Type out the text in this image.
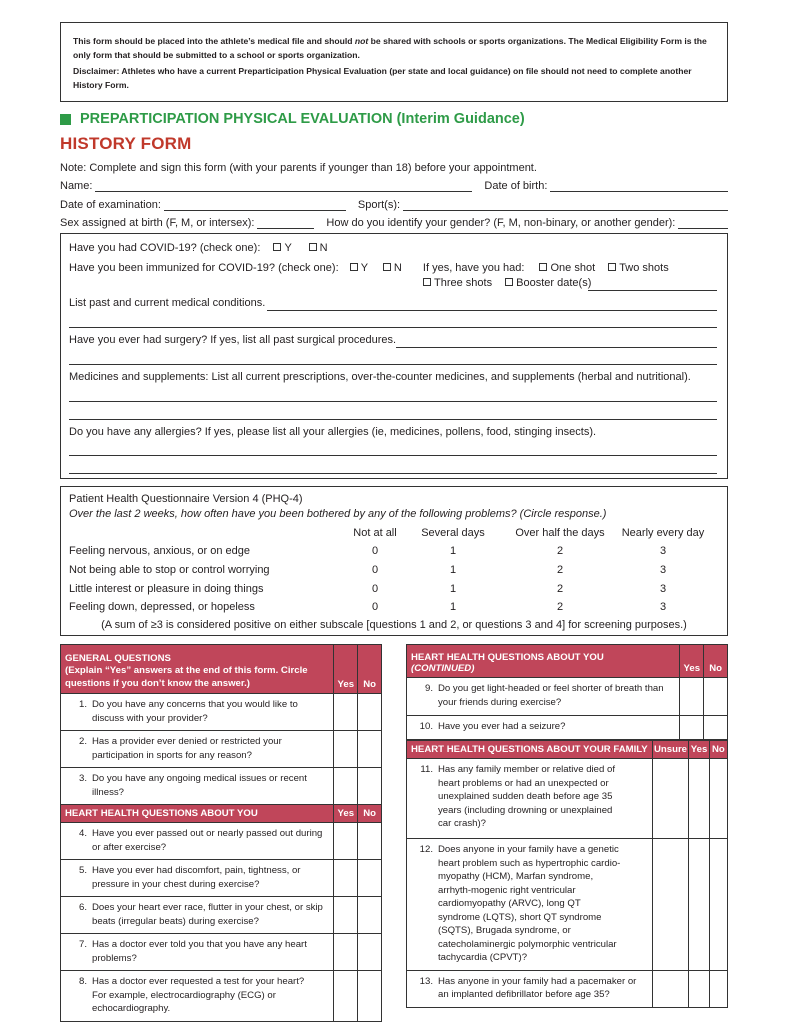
This form should be placed into the athlete’s medical file and should not be shared with schools or sports organizations. The Medical Eligibility Form is the only form that should be submitted to a school or sports organization.

Disclaimer: Athletes who have a current Preparticipation Physical Evaluation (per state and local guidance) on file should not need to complete another History Form.

PREPARTICIPATION PHYSICAL EVALUATION (Interim Guidance)
HISTORY FORM
Note: Complete and sign this form (with your parents if younger than 18) before your appointment.
Name:	Date of birth:
Date of examination:	Sport(s):
Sex assigned at birth (F, M, or intersex):	How do you identify your gender? (F, M, non-binary, or another gender):
Have you had COVID-19? (check one): Y	N
Have you been immunized for COVID-19? (check one): Y N If yes, have you had: One shot Two shots
Three shots Booster date(s)
List past and current medical conditions.
Have you ever had surgery? If yes, list all past surgical procedures.
Medicines and supplements: List all current prescriptions, over-the-counter medicines, and supplements (herbal and nutritional).
Do you have any allergies? If yes, please list all your allergies (ie, medicines, pollens, food, stinging insects).
Patient Health Questionnaire Version 4 (PHQ-4)
Over the last 2 weeks, how often have you been bothered by any of the following problems? (Circle response.)
Not at all Several days	Over half the days Nearly every day
Feeling nervous, anxious, or on edge	0	1	2	3
Not being able to stop or control worrying	0	1	2	3
Little interest or pleasure in doing things	0	1	2	3
Feeling down, depressed, or hopeless	0	1	2	3
(A sum of ≥3 is considered positive on either subscale [questions 1 and 2, or questions 3 and 4] for screening purposes.)
GENERAL QUESTIONS
(Explain “Yes” answers at the end of this form. Circle questions if you don’t know the answer.)	Yes	No
1. Do you have any concerns that you would like to discuss with your provider?		
2. Has a provider ever denied or restricted your participation in sports for any reason?		
3. Do you have any ongoing medical issues or recent illness?		
HEART HEALTH QUESTIONS ABOUT YOU	Yes	No
4. Have you ever passed out or nearly passed out during or after exercise?		
5. Have you ever had discomfort, pain, tightness, or pressure in your chest during exercise?		
6. Does your heart ever race, flutter in your chest, or skip beats (irregular beats) during exercise?		
7. Has a doctor ever told you that you have any heart problems?		
8. Has a doctor ever requested a test for your heart? For example, electrocardiography (ECG) or echocardiography.		
HEART HEALTH QUESTIONS ABOUT YOU
(CONTINUED)	Yes	No
9. Do you get light-headed or feel shorter of breath than your friends during exercise?		
10. Have you ever had a seizure?		
HEART HEALTH QUESTIONS ABOUT YOUR FAMILY	Unsure	Yes	No
11. Has any family member or relative died of heart problems or had an unexpected or unexplained sudden death before age 35 years (including drowning or unexplained car crash)?			
12. Does anyone in your family have a genetic heart problem such as hypertrophic cardio-myopathy (HCM), Marfan syndrome, arrhyth-mogenic right ventricular cardiomyopathy (ARVC), long QT syndrome (LQTS), short QT syndrome (SQTS), Brugada syndrome, or catecholaminergic polymorphic ventricular tachycardia (CPVT)?			
13. Has anyone in your family had a pacemaker or an implanted defibrillator before age 35?			
